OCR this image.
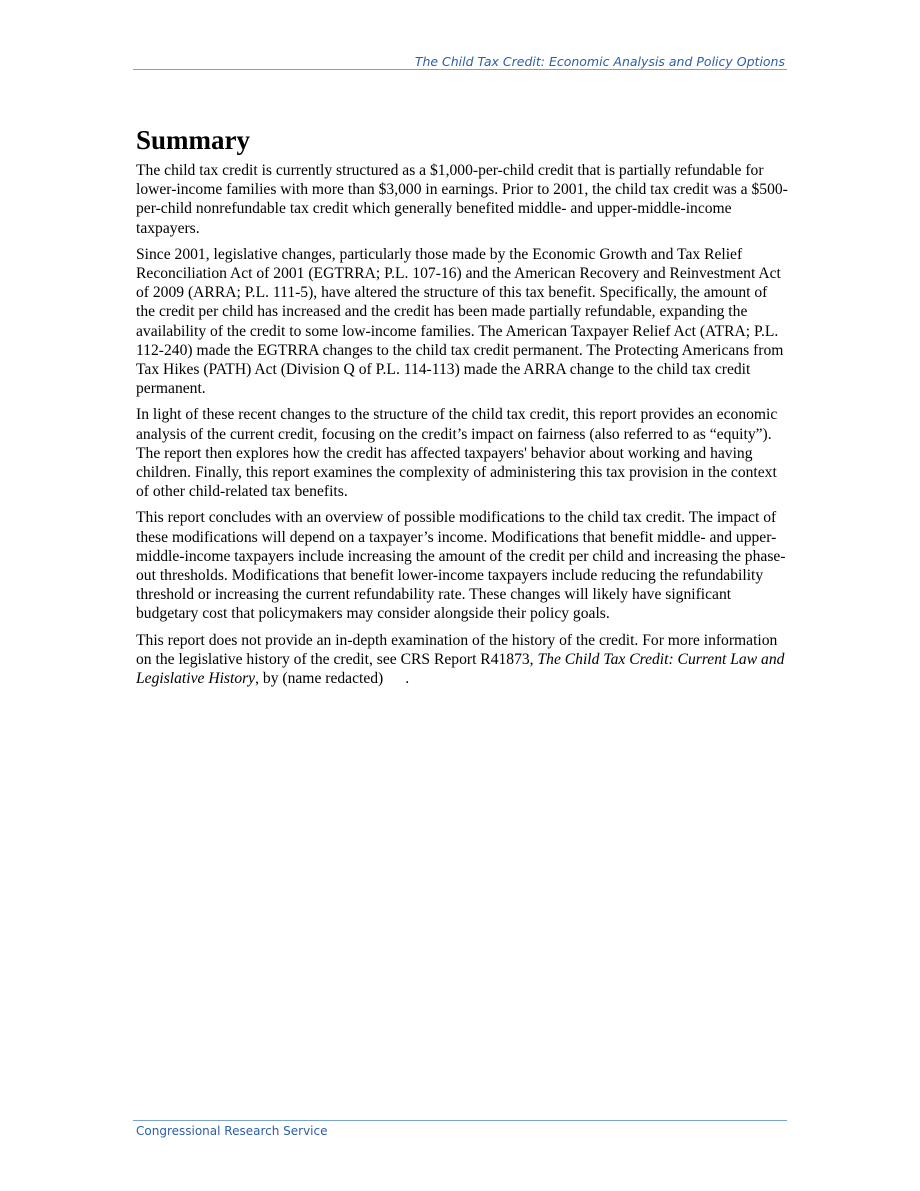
The Child Tax Credit: Economic Analysis and Policy Options
Summary

The child tax credit is currently structured as a $1,000-per-child credit that is partially refundable for lower-income families with more than $3,000 in earnings. Prior to 2001, the child tax credit was a $500-per-child nonrefundable tax credit which generally benefited middle- and upper-middle-income taxpayers.

Since 2001, legislative changes, particularly those made by the Economic Growth and Tax Relief Reconciliation Act of 2001 (EGTRRA; P.L. 107-16) and the American Recovery and Reinvestment Act of 2009 (ARRA; P.L. 111-5), have altered the structure of this tax benefit. Specifically, the amount of the credit per child has increased and the credit has been made partially refundable, expanding the availability of the credit to some low-income families. The American Taxpayer Relief Act (ATRA; P.L. 112-240) made the EGTRRA changes to the child tax credit permanent. The Protecting Americans from Tax Hikes (PATH) Act (Division Q of P.L. 114-113) made the ARRA change to the child tax credit permanent.

In light of these recent changes to the structure of the child tax credit, this report provides an economic analysis of the current credit, focusing on the credit’s impact on fairness (also referred to as “equity”). The report then explores how the credit has affected taxpayers' behavior about working and having children. Finally, this report examines the complexity of administering this tax provision in the context of other child-related tax benefits.

This report concludes with an overview of possible modifications to the child tax credit. The impact of these modifications will depend on a taxpayer’s income. Modifications that benefit middle- and upper-middle-income taxpayers include increasing the amount of the credit per child and increasing the phase-out thresholds. Modifications that benefit lower-income taxpayers include reducing the refundability threshold or increasing the current refundability rate. These changes will likely have significant budgetary cost that policymakers may consider alongside their policy goals.

This report does not provide an in-depth examination of the history of the credit. For more information on the legislative history of the credit, see CRS Report R41873, The Child Tax Credit: Current Law and Legislative History, by (name redacted) .

Congressional Research Service
